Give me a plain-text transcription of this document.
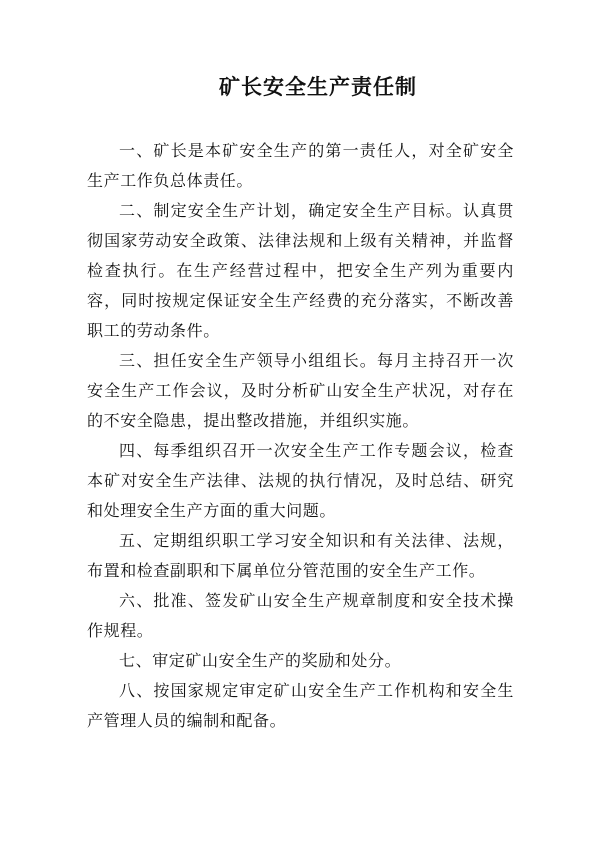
矿长安全生产责任制

一、矿长是本矿安全生产的第一责任人，对全矿安全生产工作负总体责任。

二、制定安全生产计划，确定安全生产目标。认真贯彻国家劳动安全政策、法律法规和上级有关精神，并监督检查执行。在生产经营过程中，把安全生产列为重要内容，同时按规定保证安全生产经费的充分落实，不断改善职工的劳动条件。

三、担任安全生产领导小组组长。每月主持召开一次安全生产工作会议，及时分析矿山安全生产状况，对存在的不安全隐患，提出整改措施，并组织实施。

四、每季组织召开一次安全生产工作专题会议，检查本矿对安全生产法律、法规的执行情况，及时总结、研究和处理安全生产方面的重大问题。

五、定期组织职工学习安全知识和有关法律、法规，布置和检查副职和下属单位分管范围的安全生产工作。

六、批准、签发矿山安全生产规章制度和安全技术操作规程。

七、审定矿山安全生产的奖励和处分。

八、按国家规定审定矿山安全生产工作机构和安全生产管理人员的编制和配备。
